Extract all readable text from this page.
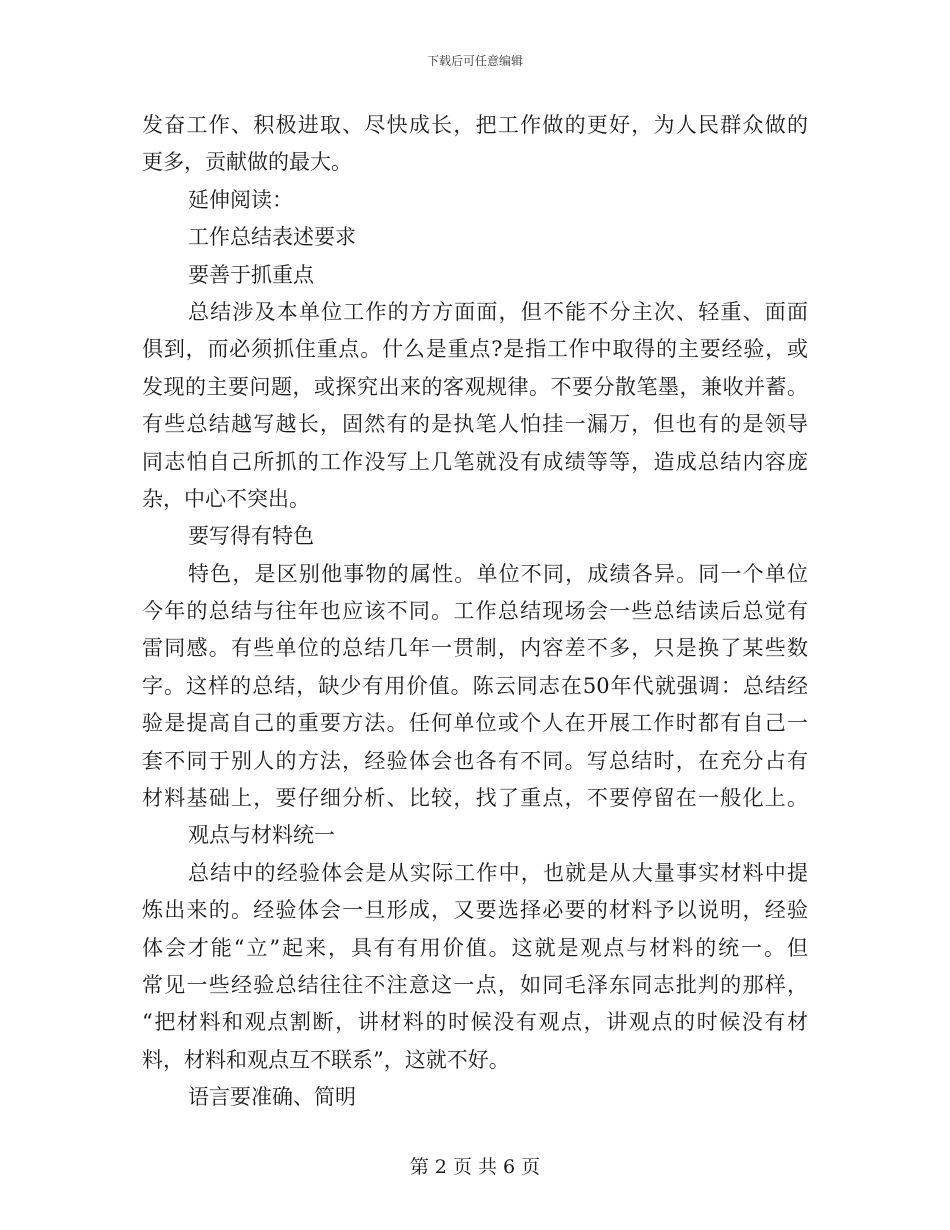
下载后可任意编辑
发奋工作、积极进取、尽快成长，把工作做的更好，为人民群众做的
更多，贡献做的最大。
延伸阅读：
工作总结表述要求
要善于抓重点
总结涉及本单位工作的方方面面，但不能不分主次、轻重、面面
俱到，而必须抓住重点。什么是重点?是指工作中取得的主要经验，或
发现的主要问题，或探究出来的客观规律。不要分散笔墨，兼收并蓄。
有些总结越写越长，固然有的是执笔人怕挂一漏万，但也有的是领导
同志怕自己所抓的工作没写上几笔就没有成绩等等，造成总结内容庞
杂，中心不突出。
要写得有特色
特色，是区别他事物的属性。单位不同，成绩各异。同一个单位
今年的总结与往年也应该不同。工作总结现场会一些总结读后总觉有
雷同感。有些单位的总结几年一贯制，内容差不多，只是换了某些数
字。这样的总结，缺少有用价值。陈云同志在50年代就强调：总结经
验是提高自己的重要方法。任何单位或个人在开展工作时都有自己一
套不同于别人的方法，经验体会也各有不同。写总结时，在充分占有
材料基础上，要仔细分析、比较，找了重点，不要停留在一般化上。
观点与材料统一
总结中的经验体会是从实际工作中，也就是从大量事实材料中提
炼出来的。经验体会一旦形成，又要选择必要的材料予以说明，经验
体会才能“立”起来，具有有用价值。这就是观点与材料的统一。但
常见一些经验总结往往不注意这一点，如同毛泽东同志批判的那样，
“把材料和观点割断，讲材料的时候没有观点，讲观点的时候没有材
料，材料和观点互不联系”，这就不好。
语言要准确、简明
第 2 页 共 6 页
